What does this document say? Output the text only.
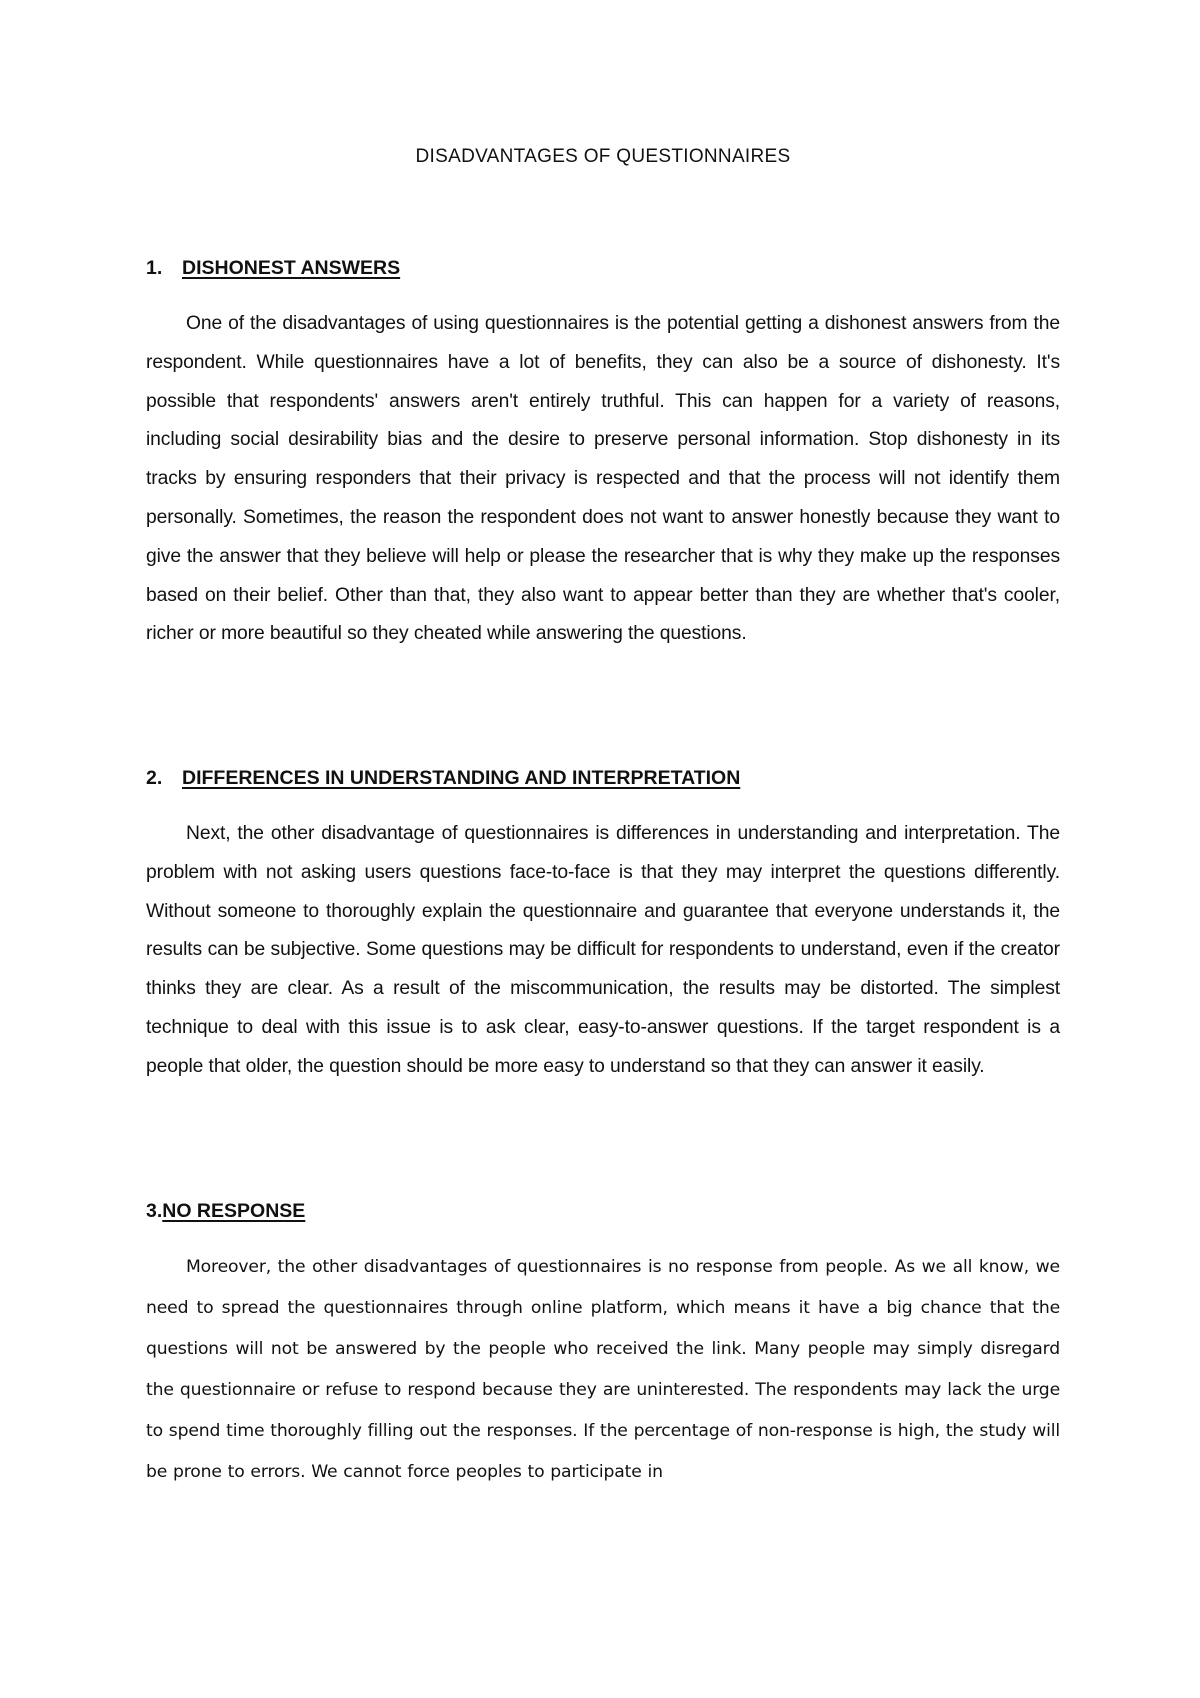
DISADVANTAGES OF QUESTIONNAIRES
1. DISHONEST ANSWERS

One of the disadvantages of using questionnaires is the potential getting a dishonest answers from the respondent. While questionnaires have a lot of benefits, they can also be a source of dishonesty. It's possible that respondents' answers aren't entirely truthful. This can happen for a variety of reasons, including social desirability bias and the desire to preserve personal information. Stop dishonesty in its tracks by ensuring responders that their privacy is respected and that the process will not identify them personally. Sometimes, the reason the respondent does not want to answer honestly because they want to give the answer that they believe will help or please the researcher that is why they make up the responses based on their belief. Other than that, they also want to appear better than they are whether that's cooler, richer or more beautiful so they cheated while answering the questions.

2. DIFFERENCES IN UNDERSTANDING AND INTERPRETATION

Next, the other disadvantage of questionnaires is differences in understanding and interpretation. The problem with not asking users questions face-to-face is that they may interpret the questions differently. Without someone to thoroughly explain the questionnaire and guarantee that everyone understands it, the results can be subjective. Some questions may be difficult for respondents to understand, even if the creator thinks they are clear. As a result of the miscommunication, the results may be distorted. The simplest technique to deal with this issue is to ask clear, easy-to-answer questions. If the target respondent is a people that older, the question should be more easy to understand so that they can answer it easily.

3.NO RESPONSE

Moreover, the other disadvantages of questionnaires is no response from people. As we all know, we need to spread the questionnaires through online platform, which means it have a big chance that the questions will not be answered by the people who received the link. Many people may simply disregard the questionnaire or refuse to respond because they are uninterested. The respondents may lack the urge to spend time thoroughly filling out the responses. If the percentage of non-response is high, the study will be prone to errors. We cannot force peoples to participate in
